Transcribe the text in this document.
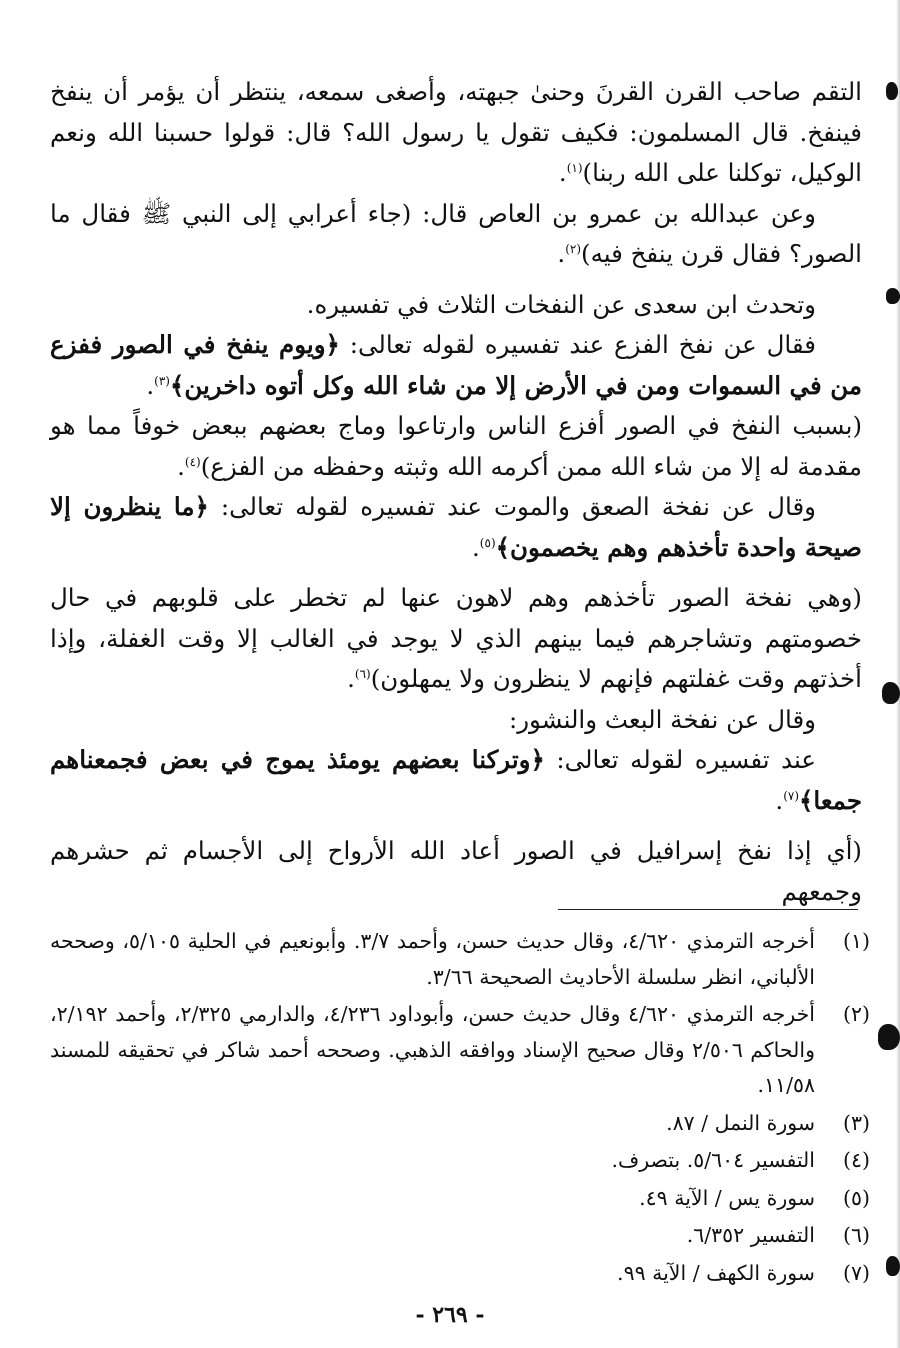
التقم صاحب القرن القرنَ وحنىٰ جبهته، وأصغى سمعه، ينتظر أن يؤمر أن ينفخ فينفخ. قال المسلمون: فكيف تقول يا رسول الله؟ قال: قولوا حسبنا الله ونعم الوكيل، توكلنا على الله ربنا)$^{(١)}$.

وعن عبدالله بن عمرو بن العاص قال: (جاء أعرابي إلى النبي ﷺ فقال ما الصور؟ فقال قرن ينفخ فيه)$^{(٢)}$.

وتحدث ابن سعدى عن النفخات الثلاث في تفسيره.

فقال عن نفخ الفزع عند تفسيره لقوله تعالى: ﴿ويوم ينفخ في الصور ففزع من في السموات ومن في الأرض إلا من شاء الله وكل أتوه داخرين﴾$^{(٣)}$.

(بسبب النفخ في الصور أفزع الناس وارتاعوا وماج بعضهم ببعض خوفاً مما هو مقدمة له إلا من شاء الله ممن أكرمه الله وثبته وحفظه من الفزع)$^{(٤)}$.

وقال عن نفخة الصعق والموت عند تفسيره لقوله تعالى: ﴿ما ينظرون إلا صيحة واحدة تأخذهم وهم يخصمون﴾$^{(٥)}$.

(وهي نفخة الصور تأخذهم وهم لاهون عنها لم تخطر على قلوبهم في حال خصومتهم وتشاجرهم فيما بينهم الذي لا يوجد في الغالب إلا وقت الغفلة، وإذا أخذتهم وقت غفلتهم فإنهم لا ينظرون ولا يمهلون)$^{(٦)}$.

وقال عن نفخة البعث والنشور:

عند تفسيره لقوله تعالى: ﴿وتركنا بعضهم يومئذ يموج في بعض فجمعناهم جمعا﴾$^{(٧)}$.

(أي إذا نفخ إسرافيل في الصور أعاد الله الأرواح إلى الأجسام ثم حشرهم وجمعهم

(١)
أخرجه الترمذي ٤/٦٢٠، وقال حديث حسن، وأحمد ٣/٧. وأبونعيم في الحلية ٥/١٠٥، وصححه الألباني، انظر سلسلة الأحاديث الصحيحة ٣/٦٦.
(٢)
أخرجه الترمذي ٤/٦٢٠ وقال حديث حسن، وأبوداود ٤/٢٣٦، والدارمي ٢/٣٢٥، وأحمد ٢/١٩٢، والحاكم ٢/٥٠٦ وقال صحيح الإسناد ووافقه الذهبي. وصححه أحمد شاكر في تحقيقه للمسند ١١/٥٨.
(٣)
سورة النمل / ٨٧.
(٤)
التفسير ٥/٦٠٤. بتصرف.
(٥)
سورة يس / الآية ٤٩.
(٦)
التفسير ٦/٣٥٢.
(٧)
سورة الكهف / الآية ٩٩.
- ٢٦٩ -
